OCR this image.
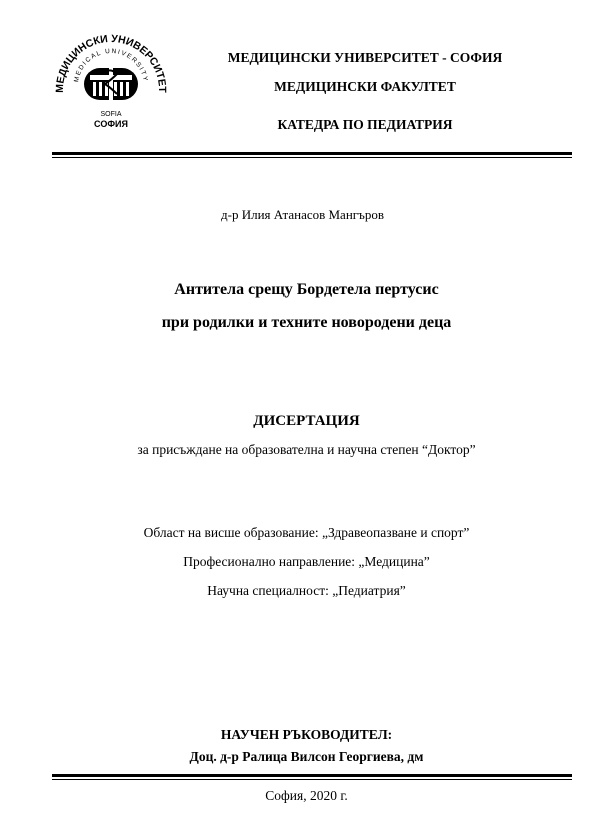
МЕДИЦИНСКИ УНИВЕРСИТЕТ
MEDICAL UNIVERSITY
SOFIA
СОФИЯ
МЕДИЦИНСКИ УНИВЕРСИТЕТ - СОФИЯ
МЕДИЦИНСКИ ФАКУЛТЕТ
КАТЕДРА ПО ПЕДИАТРИЯ
д-р Илия Атанасов Мангъров
Антитела срещу Бордетела пертусис
при родилки и техните новородени деца
ДИСЕРТАЦИЯ
за присъждане на образователна и научна степен “Доктор”
Област на висше образование: „Здравеопазване и спорт”
Професионално направление: „Медицина”
Научна специалност: „Педиатрия”
НАУЧЕН РЪКОВОДИТЕЛ:
Доц. д-р Ралица Вилсон Георгиева, дм
София, 2020 г.
